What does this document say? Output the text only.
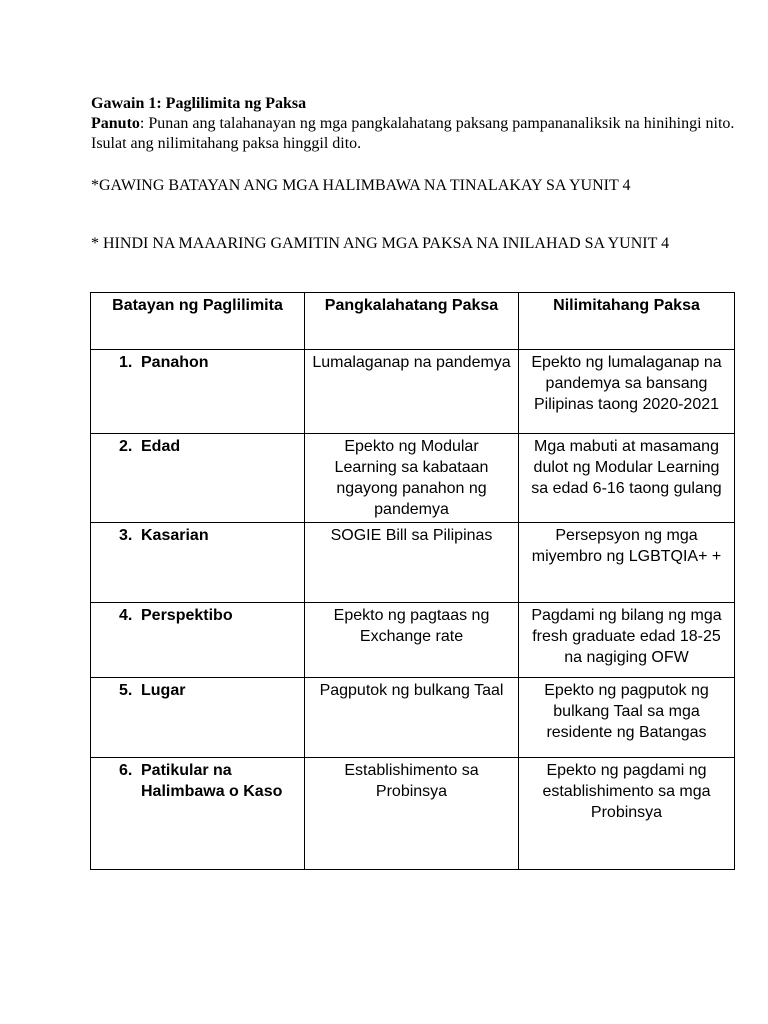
Gawain 1: Paglilimita ng Paksa

Panuto: Punan ang talahanayan ng mga pangkalahatang paksang pampananaliksik na hinihingi nito. Isulat ang nilimitahang paksa hinggil dito.

*GAWING BATAYAN ANG MGA HALIMBAWA NA TINALAKAY SA YUNIT 4

* HINDI NA MAAARING GAMITIN ANG MGA PAKSA NA INILAHAD SA YUNIT 4

Batayan ng Paglilimita	Pangkalahatang Paksa	Nilimitahang Paksa

1. Panahon	Lumalaganap na pandemya	Epekto ng lumalaganap na pandemya sa bansang Pilipinas taong 2020-2021

2. Edad	Epekto ng Modular Learning sa kabataan ngayong panahon ng pandemya	Mga mabuti at masamang dulot ng Modular Learning sa edad 6-16 taong gulang

3. Kasarian	SOGIE Bill sa Pilipinas	Persepsyon ng mga miyembro ng LGBTQIA+ +

4. Perspektibo	Epekto ng pagtaas ng Exchange rate	Pagdami ng bilang ng mga fresh graduate edad 18-25 na nagiging OFW

5. Lugar	Pagputok ng bulkang Taal	Epekto ng pagputok ng bulkang Taal sa mga residente ng Batangas

6. Patikular na Halimbawa o Kaso	Establishimento sa Probinsya	Epekto ng pagdami ng establishimento sa mga Probinsya
